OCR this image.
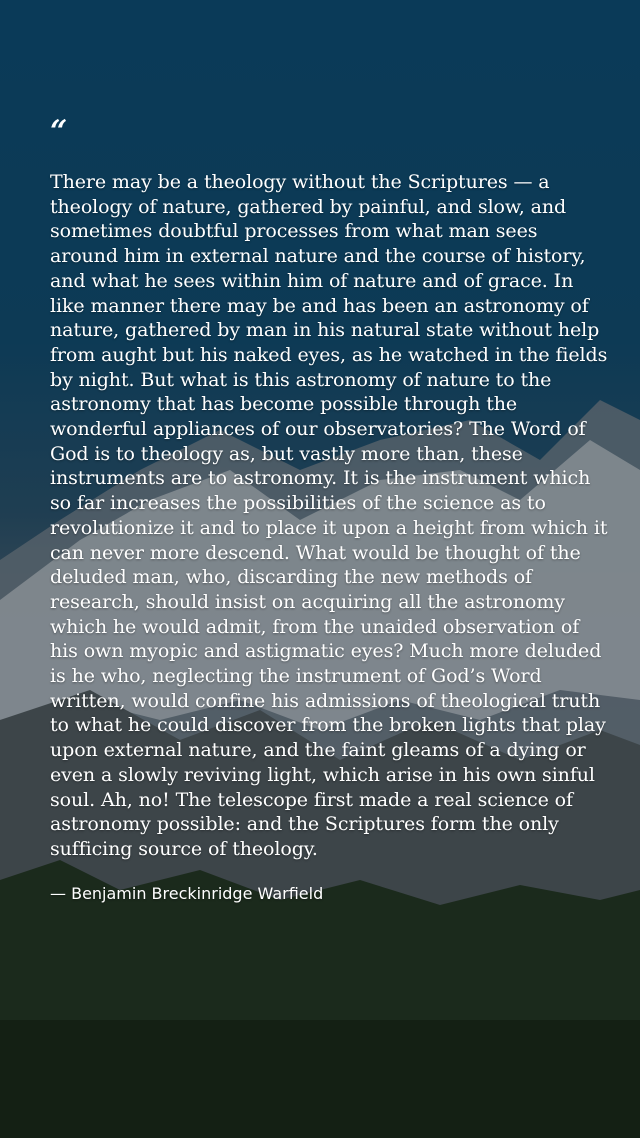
“

There may be a theology without the Scriptures — a theology of nature, gathered by painful, and slow, and sometimes doubtful processes from what man sees around him in external nature and the course of history, and what he sees within him of nature and of grace. In like manner there may be and has been an astronomy of nature, gathered by man in his natural state without help from aught but his naked eyes, as he watched in the fields by night. But what is this astronomy of nature to the astronomy that has become possible through the wonderful appliances of our observatories? The Word of God is to theology as, but vastly more than, these instruments are to astronomy. It is the instrument which so far increases the possibilities of the science as to revolutionize it and to place it upon a height from which it can never more descend. What would be thought of the deluded man, who, discarding the new methods of research, should insist on acquiring all the astronomy which he would admit, from the unaided observation of his own myopic and astigmatic eyes? Much more deluded is he who, neglecting the instrument of God’s Word written, would confine his admissions of theological truth to what he could discover from the broken lights that play upon external nature, and the faint gleams of a dying or even a slowly reviving light, which arise in his own sinful soul. Ah, no! The telescope first made a real science of astronomy possible: and the Scriptures form the only sufficing source of theology.

— Benjamin Breckinridge Warfield
